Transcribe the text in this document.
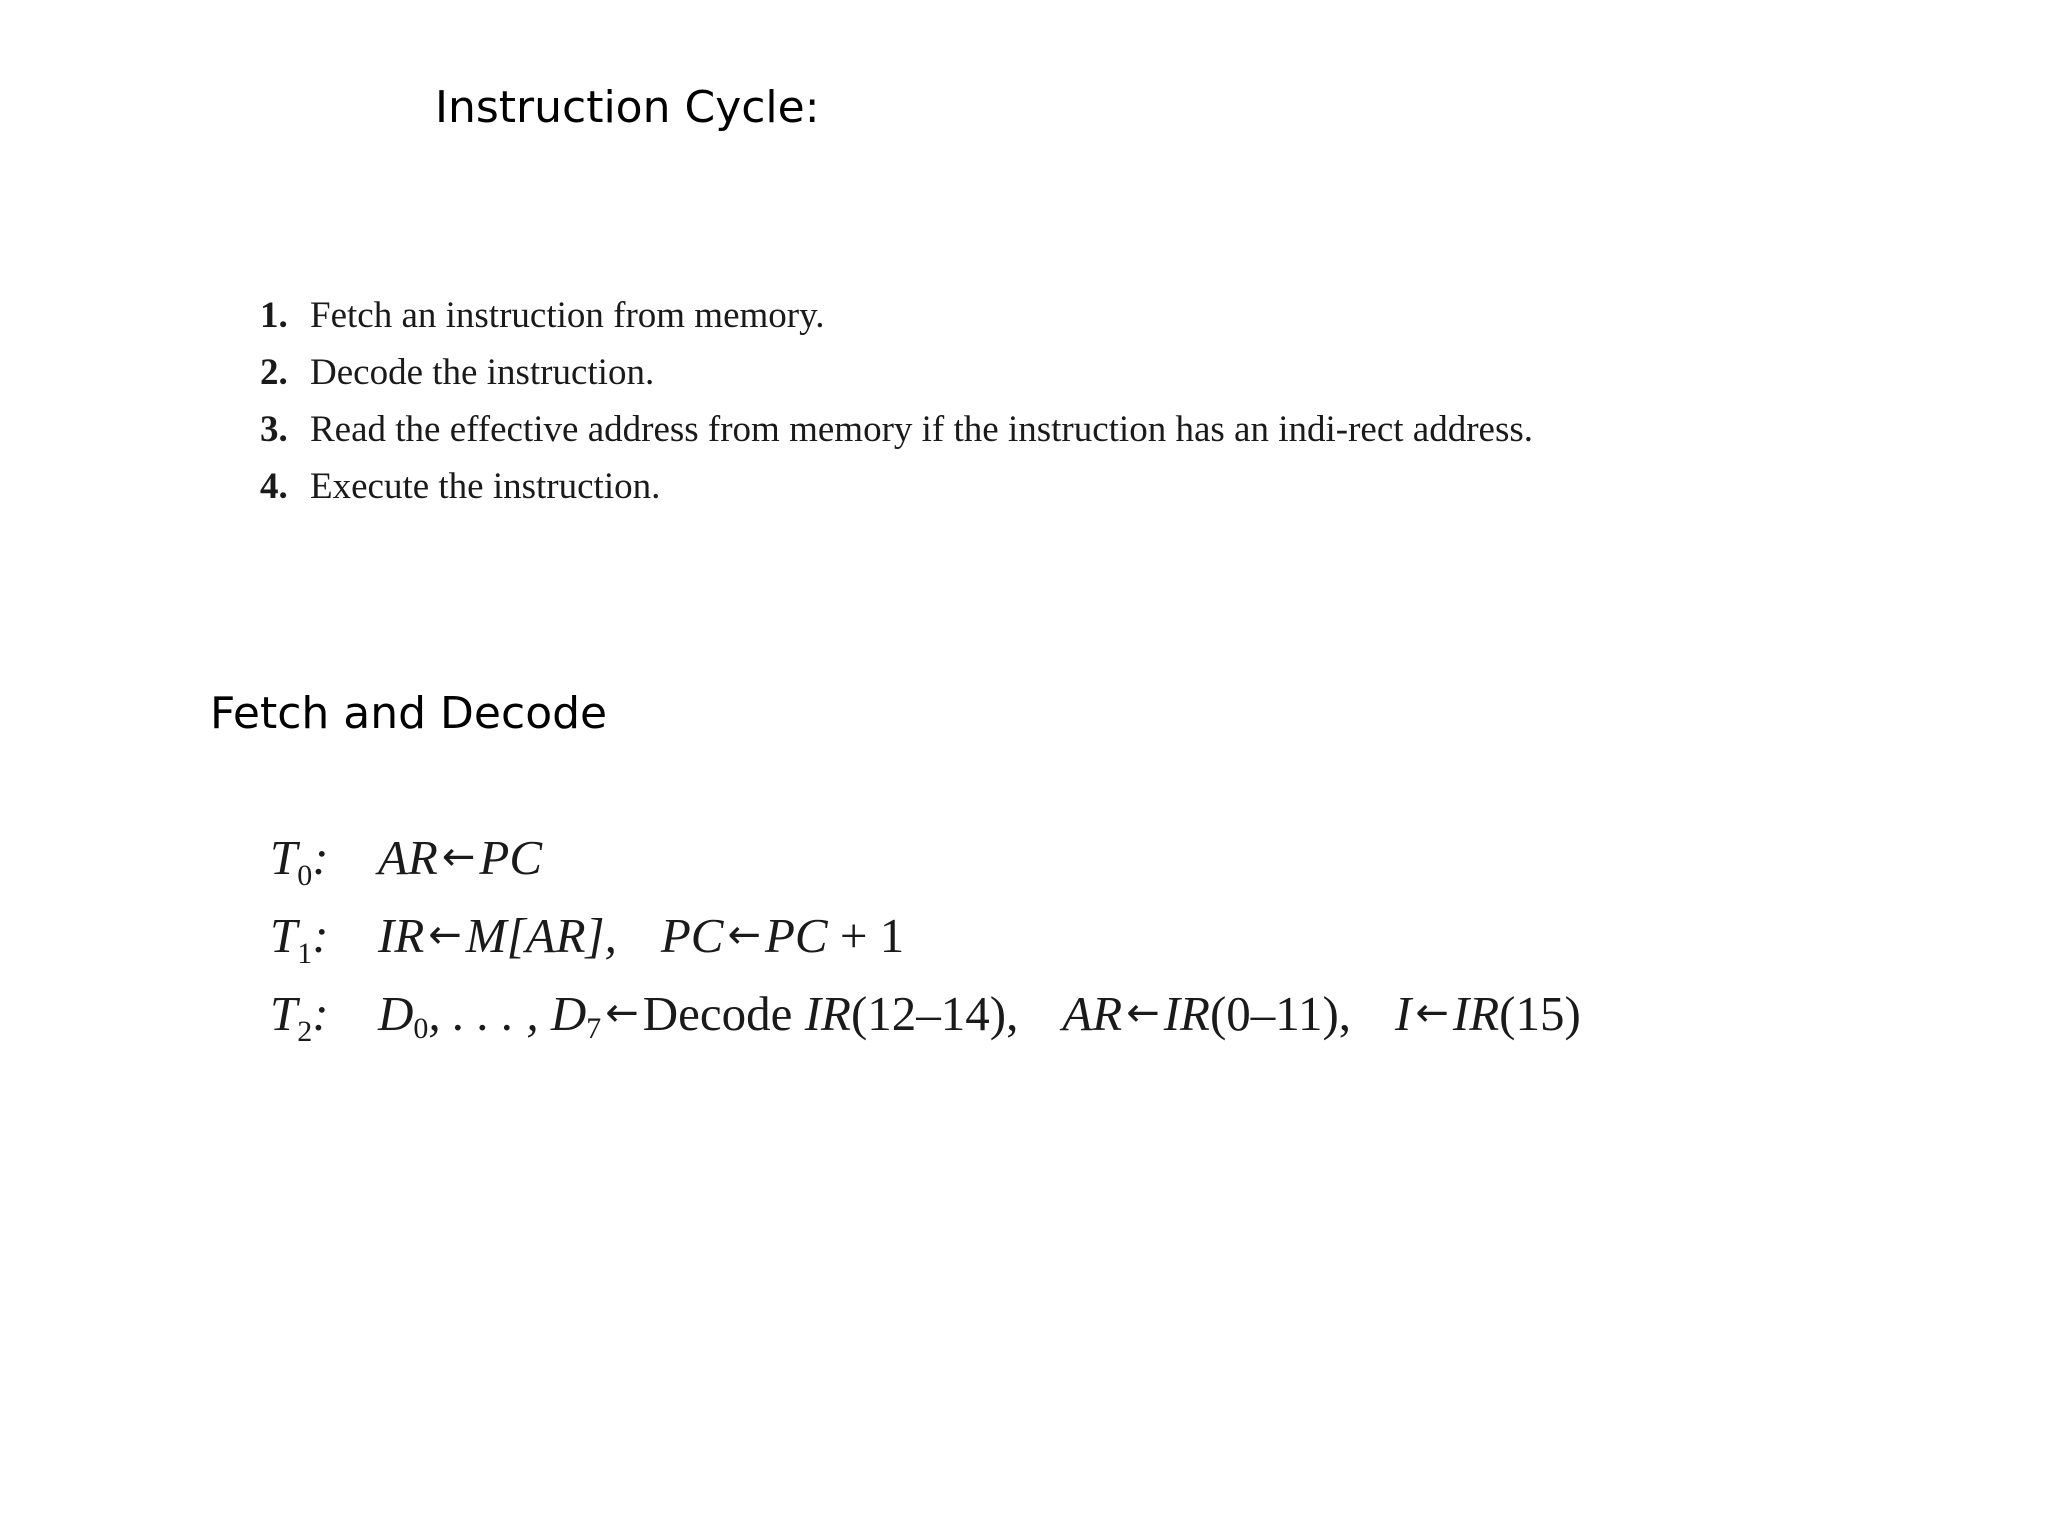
Instruction Cycle:
1. Fetch an instruction from memory.
2. Decode the instruction.
3. Read the effective address from memory if the instruction has an indi-rect address.
4. Execute the instruction.
Fetch and Decode
$T_0$:	AR ←PC
$T_1$:	IR ←M[AR], PC ←PC + 1
$T_2$:	$D_0$, . . . , $D_7$ ←Decode IR(12–14), AR ←IR(0–11), I ←IR(15)
